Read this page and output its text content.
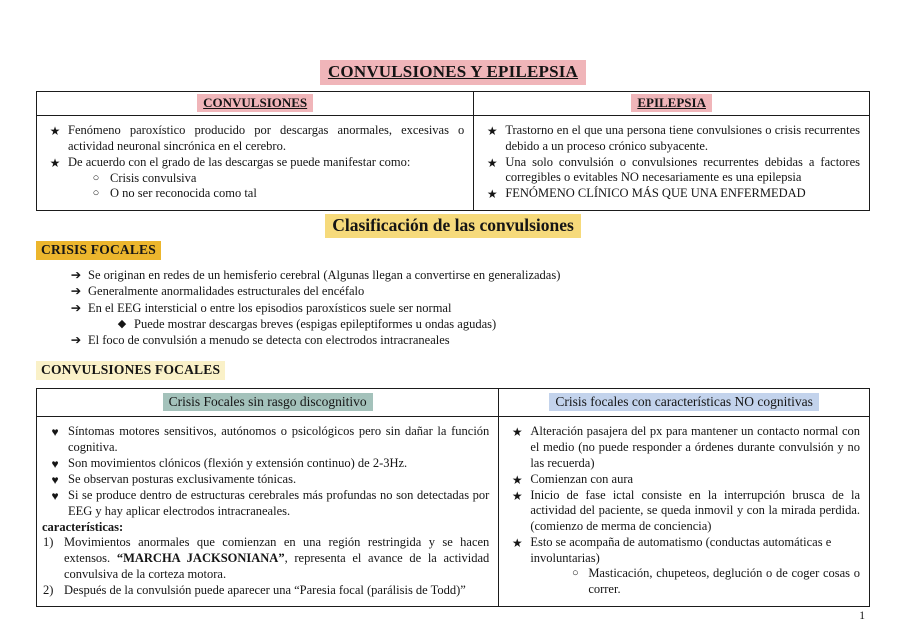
CONVULSIONES Y EPILEPSIA
CONVULSIONES	EPILEPSIA

★ Fenómeno paroxístico producido por descargas anormales, excesivas o actividad neuronal sincrónica en el cerebro.
★ De acuerdo con el grado de las descargas se puede manifestar como:
○ Crisis convulsiva
○ O no ser reconocida como tal

★ Trastorno en el que una persona tiene convulsiones o crisis recurrentes debido a un proceso crónico subyacente.
★ Una solo convulsión o convulsiones recurrentes debidas a factores corregibles o evitables NO necesariamente es una epilepsia
★ FENÓMENO CLÍNICO MÁS QUE UNA ENFERMEDAD
Clasificación de las convulsiones
CRISIS FOCALES
➔ Se originan en redes de un hemisferio cerebral (Algunas llegan a convertirse en generalizadas)
➔ Generalmente anormalidades estructurales del encéfalo
➔ En el EEG intersticial o entre los episodios paroxísticos suele ser normal
◆ Puede mostrar descargas breves (espigas epileptiformes u ondas agudas)
➔ El foco de convulsión a menudo se detecta con electrodos intracraneales
CONVULSIONES FOCALES
Crisis Focales sin rasgo discognitivo	Crisis focales con características NO cognitivas

♥ Síntomas motores sensitivos, autónomos o psicológicos pero sin dañar la función cognitiva.
♥ Son movimientos clónicos (flexión y extensión continuo) de 2-3Hz.
♥ Se observan posturas exclusivamente tónicas.
♥ Si se produce dentro de estructuras cerebrales más profundas no son detectadas por EEG y hay aplicar electrodos intracraneales.
características:
1) Movimientos anormales que comienzan en una región restringida y se hacen extensos. “MARCHA JACKSONIANA”, representa el avance de la actividad convulsiva de la corteza motora.
2) Después de la convulsión puede aparecer una “Paresia focal (parálisis de Todd)”

★ Alteración pasajera del px para mantener un contacto normal con el medio (no puede responder a órdenes durante convulsión y no las recuerda)
★ Comienzan con aura
★ Inicio de fase ictal consiste en la interrupción brusca de la actividad del paciente, se queda inmovil y con la mirada perdida. (comienzo de merma de conciencia)
★ Esto se acompaña de automatismo (conductas automáticas e involuntarias)
○ Masticación, chupeteos, deglución o de coger cosas o correr.
1
